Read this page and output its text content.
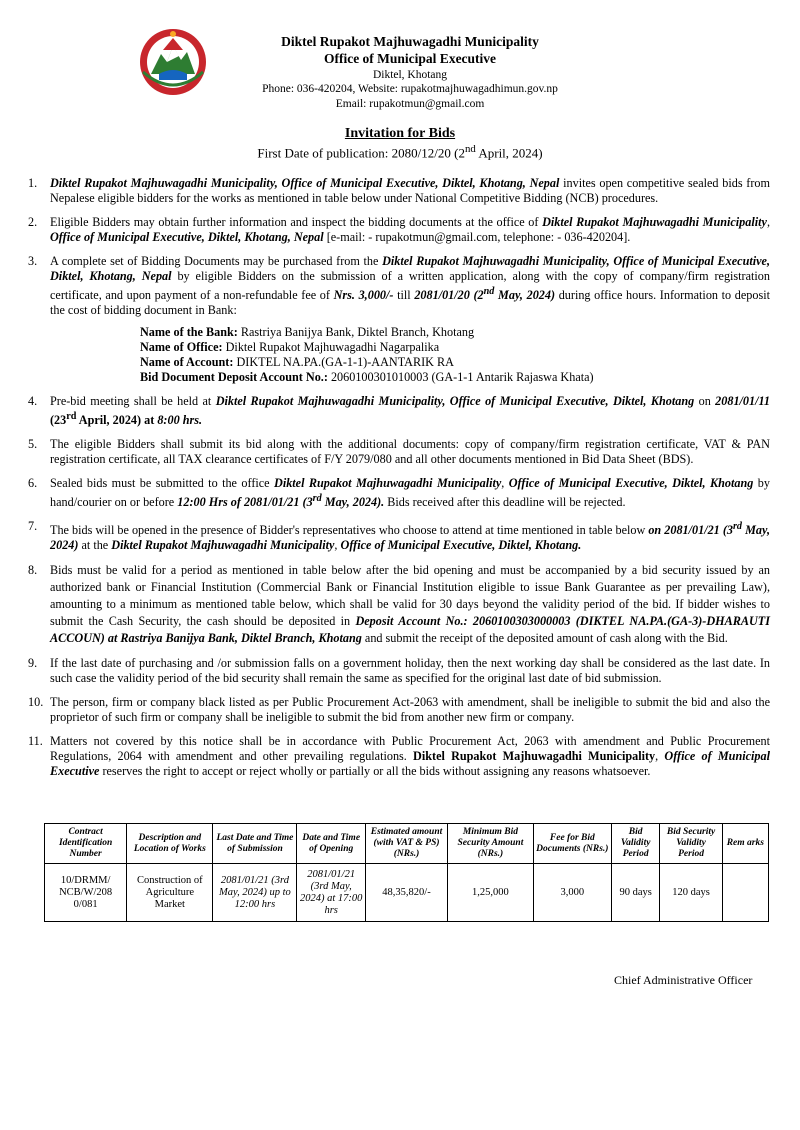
Diktel Rupakot Majhuwagadhi Municipality
Office of Municipal Executive
Diktel, Khotang
Phone: 036-420204, Website: rupakotmajhuwagadhimun.gov.np
Email: rupakotmun@gmail.com
Invitation for Bids
First Date of publication: 2080/12/20 (2nd April, 2024)
1.	Diktel Rupakot Majhuwagadhi Municipality, Office of Municipal Executive, Diktel, Khotang, Nepal invites open competitive sealed bids from Nepalese eligible bidders for the works as mentioned in table below under National Competitive Bidding (NCB) procedures.
2.	Eligible Bidders may obtain further information and inspect the bidding documents at the office of Diktel Rupakot Majhuwagadhi Municipality, Office of Municipal Executive, Diktel, Khotang, Nepal [e-mail: - rupakotmun@gmail.com, telephone: - 036-420204].
3.	A complete set of Bidding Documents may be purchased from the Diktel Rupakot Majhuwagadhi Municipality, Office of Municipal Executive, Diktel, Khotang, Nepal by eligible Bidders on the submission of a written application, along with the copy of company/firm registration certificate, and upon payment of a non-refundable fee of Nrs. 3,000/- till 2081/01/20 (2nd May, 2024) during office hours. Information to deposit the cost of bidding document in Bank:
Name of the Bank: Rastriya Banijya Bank, Diktel Branch, Khotang
Name of Office: Diktel Rupakot Majhuwagadhi Nagarpalika
Name of Account: DIKTEL NA.PA.(GA-1-1)-AANTARIK RA
Bid Document Deposit Account No.: 2060100301010003 (GA-1-1 Antarik Rajaswa Khata)
4.	Pre-bid meeting shall be held at Diktel Rupakot Majhuwagadhi Municipality, Office of Municipal Executive, Diktel, Khotang on 2081/01/11 (23rd April, 2024) at 8:00 hrs.
5.	The eligible Bidders shall submit its bid along with the additional documents: copy of company/firm registration certificate, VAT & PAN registration certificate, all TAX clearance certificates of F/Y 2079/080 and all other documents mentioned in Bid Data Sheet (BDS).
6.	Sealed bids must be submitted to the office Diktel Rupakot Majhuwagadhi Municipality, Office of Municipal Executive, Diktel, Khotang by hand/courier on or before 12:00 Hrs of 2081/01/21 (3rd May, 2024). Bids received after this deadline will be rejected.
7.	The bids will be opened in the presence of Bidder's representatives who choose to attend at time mentioned in table below on 2081/01/21 (3rd May, 2024) at the Diktel Rupakot Majhuwagadhi Municipality, Office of Municipal Executive, Diktel, Khotang.
8.	Bids must be valid for a period as mentioned in table below after the bid opening and must be accompanied by a bid security issued by an authorized bank or Financial Institution (Commercial Bank or Financial Institution eligible to issue Bank Guarantee as per prevailing Law), amounting to a minimum as mentioned table below, which shall be valid for 30 days beyond the validity period of the bid. If bidder wishes to submit the Cash Security, the cash should be deposited in Deposit Account No.: 2060100303000003 (DIKTEL NA.PA.(GA-3)-DHARAUTI ACCOUN) at Rastriya Banijya Bank, Diktel Branch, Khotang and submit the receipt of the deposited amount of cash along with the Bid.
9.	If the last date of purchasing and /or submission falls on a government holiday, then the next working day shall be considered as the last date. In such case the validity period of the bid security shall remain the same as specified for the original last date of bid submission.
10. The person, firm or company black listed as per Public Procurement Act-2063 with amendment, shall be ineligible to submit the bid and also the proprietor of such firm or company shall be ineligible to submit the bid from another new firm or company.
11. Matters not covered by this notice shall be in accordance with Public Procurement Act, 2063 with amendment and Public Procurement Regulations, 2064 with amendment and other prevailing regulations. Diktel Rupakot Majhuwagadhi Municipality, Office of Municipal Executive reserves the right to accept or reject wholly or partially or all the bids without assigning any reasons whatsoever.
Contract Identification Number	Description and Location of Works	Last Date and Time of Submission	Date and Time of Opening	Estimated amount (with VAT & PS) (NRs.)	Minimum Bid Security Amount (NRs.)	Fee for Bid Documents (NRs.)	Bid Validity Period	Bid Security Validity Period	Rem arks
10/DRMM/ NCB/W/208 0/081	Construction of Agriculture Market	2081/01/21 (3rd May, 2024) up to 12:00 hrs	2081/01/21 (3rd May, 2024) at 17:00 hrs	48,35,820/-	1,25,000	3,000	90 days	120 days	
Chief Administrative Officer
